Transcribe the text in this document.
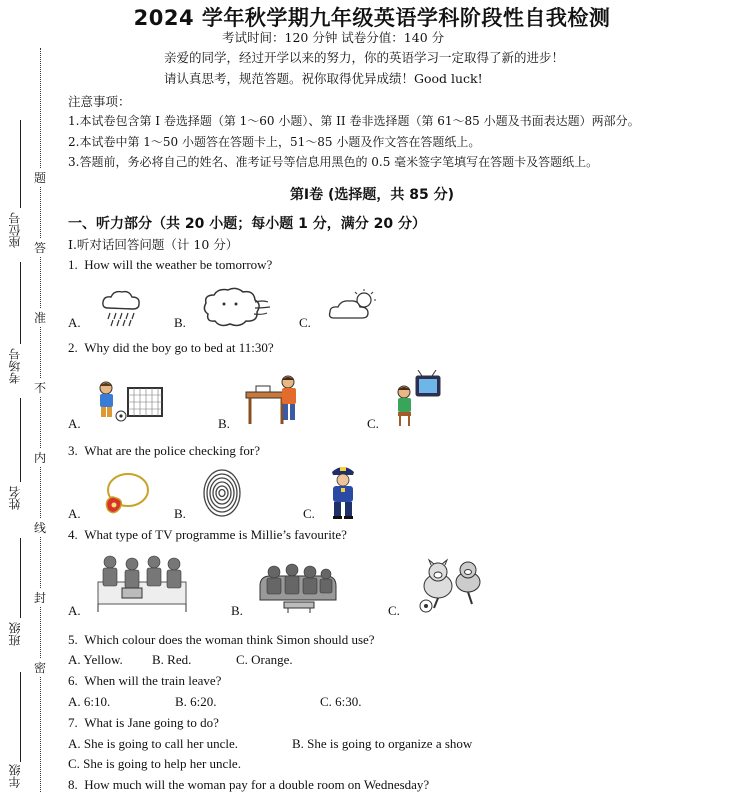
题
答
准
不
内
线
封
密
座位号
考场号
姓名
班级
年级
2024 学年秋学期九年级英语学科阶段性自我检测
考试时间：120 分钟 试卷分值：140 分
亲爱的同学，经过开学以来的努力，你的英语学习一定取得了新的进步！
请认真思考，规范答题。祝你取得优异成绩！Good luck!
注意事项：
1.本试卷包含第 I 卷选择题（第 1～60 小题）、第 II 卷非选择题（第 61～85 小题及书面表达题）两部分。
2.本试卷中第 1～50 小题答在答题卡上，51～85 小题及作文答在答题纸上。
3.答题前，务必将自己的姓名、准考证号等信息用黑色的 0.5 毫米签字笔填写在答题卡及答题纸上。
第Ⅰ卷 (选择题，共 85 分)
一、听力部分（共 20 小题；每小题 1 分，满分 20 分）
I.听对话回答问题（计 10 分）
1. How will the weather be tomorrow?
A.	B.	C.
2. Why did the boy go to bed at 11:30?
A.	B.	C.
3. What are the police checking for?
A.	B.	C.
4. What type of TV programme is Millie’s favourite?
A.	B.	C.
5. Which colour does the woman think Simon should use?
A. Yellow. B. Red.	C. Orange.
6. When will the train leave?
A. 6:10.	B. 6:20.	C. 6:30.
7. What is Jane going to do?
A. She is going to call her uncle.	B. She is going to organize a show
C. She is going to help her uncle.
8. How much will the woman pay for a double room on Wednesday?
